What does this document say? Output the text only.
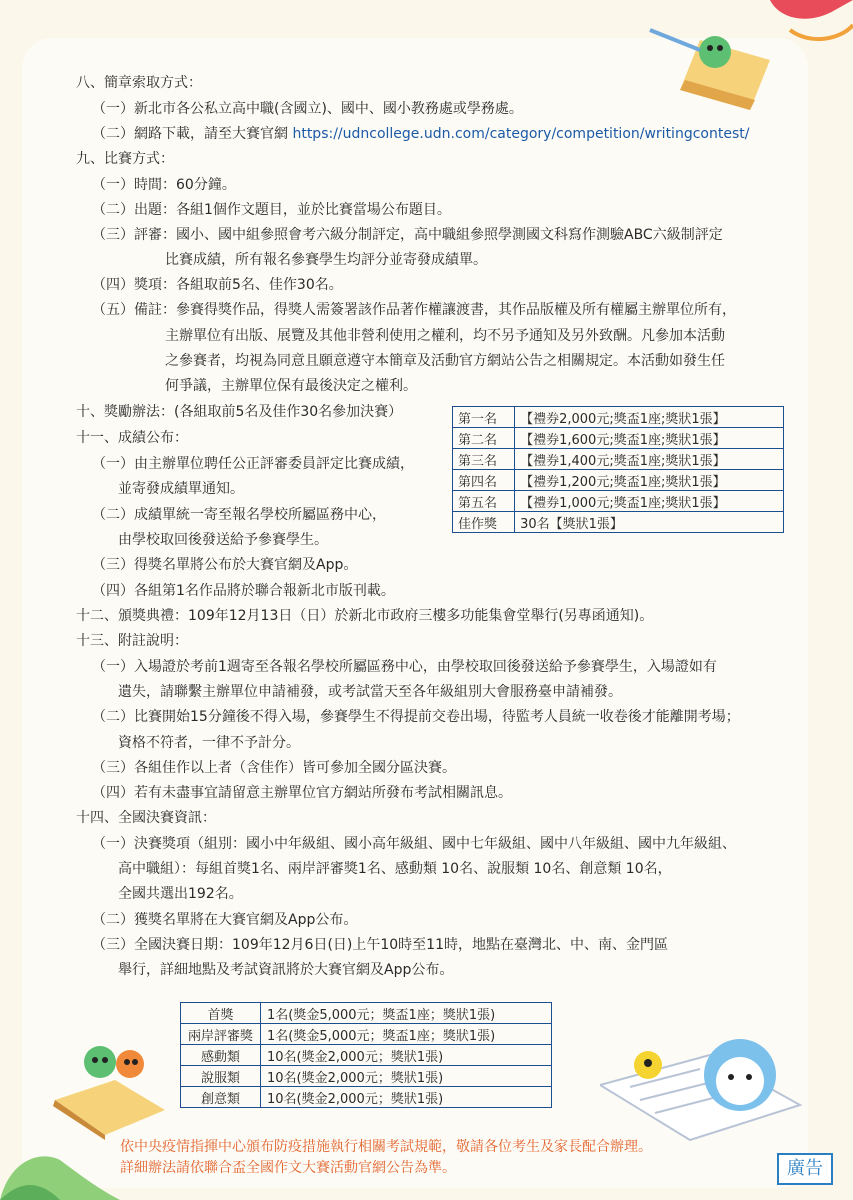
八、簡章索取方式：
（一）新北市各公私立高中職(含國立)、國中、國小教務處或學務處。
（二）網路下載，請至大賽官網 https://udncollege.udn.com/category/competition/writingcontest/
九、比賽方式：
（一）時間：60分鐘。
（二）出題：各組1個作文題目，並於比賽當場公布題目。
（三）評審：國小、國中組參照會考六級分制評定，高中職組參照學測國文科寫作測驗ABC六級制評定
比賽成績，所有報名參賽學生均評分並寄發成績單。
（四）獎項：各組取前5名、佳作30名。
（五）備註：參賽得獎作品，得獎人需簽署該作品著作權讓渡書，其作品版權及所有權屬主辦單位所有，
主辦單位有出版、展覽及其他非營利使用之權利，均不另予通知及另外致酬。凡參加本活動
之參賽者，均視為同意且願意遵守本簡章及活動官方網站公告之相關規定。本活動如發生任
何爭議，主辦單位保有最後決定之權利。
十、獎勵辦法：(各組取前5名及佳作30名參加決賽）	第一名	【禮券2,000元;獎盃1座;獎狀1張】
第二名	【禮券1,600元;獎盃1座;獎狀1張】
第三名	【禮券1,400元;獎盃1座;獎狀1張】
第四名	【禮券1,200元;獎盃1座;獎狀1張】
第五名	【禮券1,000元;獎盃1座;獎狀1張】
佳作獎	30名【獎狀1張】
十一、成績公布：
（一）由主辦單位聘任公正評審委員評定比賽成績，
並寄發成績單通知。
（二）成績單統一寄至報名學校所屬區務中心，
由學校取回後發送給予參賽學生。
（三）得獎名單將公布於大賽官網及App。
（四）各組第1名作品將於聯合報新北市版刊載。
十二、頒獎典禮：109年12月13日（日）於新北市政府三樓多功能集會堂舉行(另專函通知)。
十三、附註說明：
（一）入場證於考前1週寄至各報名學校所屬區務中心，由學校取回後發送給予參賽學生，入場證如有
遺失，請聯繫主辦單位申請補發，或考試當天至各年級組別大會服務臺申請補發。
（二）比賽開始15分鐘後不得入場，參賽學生不得提前交卷出場，待監考人員統一收卷後才能離開考場；
資格不符者，一律不予計分。
（三）各組佳作以上者（含佳作）皆可參加全國分區決賽。
（四）若有未盡事宜請留意主辦單位官方網站所發布考試相關訊息。
十四、全國決賽資訊：
（一）決賽獎項（組別：國小中年級組、國小高年級組、國中七年級組、國中八年級組、國中九年級組、
高中職組）：每組首獎1名、兩岸評審獎1名、感動類 10名、說服類 10名、創意類 10名，
全國共選出192名。
（二）獲獎名單將在大賽官網及App公布。
（三）全國決賽日期：109年12月6日(日)上午10時至11時，地點在臺灣北、中、南、金門區
舉行，詳細地點及考試資訊將於大賽官網及App公布。
首獎	1名(獎金5,000元；獎盃1座；獎狀1張)
兩岸評審獎	1名(獎金5,000元；獎盃1座；獎狀1張)
感動類	10名(獎金2,000元；獎狀1張)
說服類	10名(獎金2,000元；獎狀1張)
創意類	10名(獎金2,000元；獎狀1張)
依中央疫情指揮中心頒布防疫措施執行相關考試規範，敬請各位考生及家長配合辦理。
詳細辦法請依聯合盃全國作文大賽活動官網公告為準。	廣告
